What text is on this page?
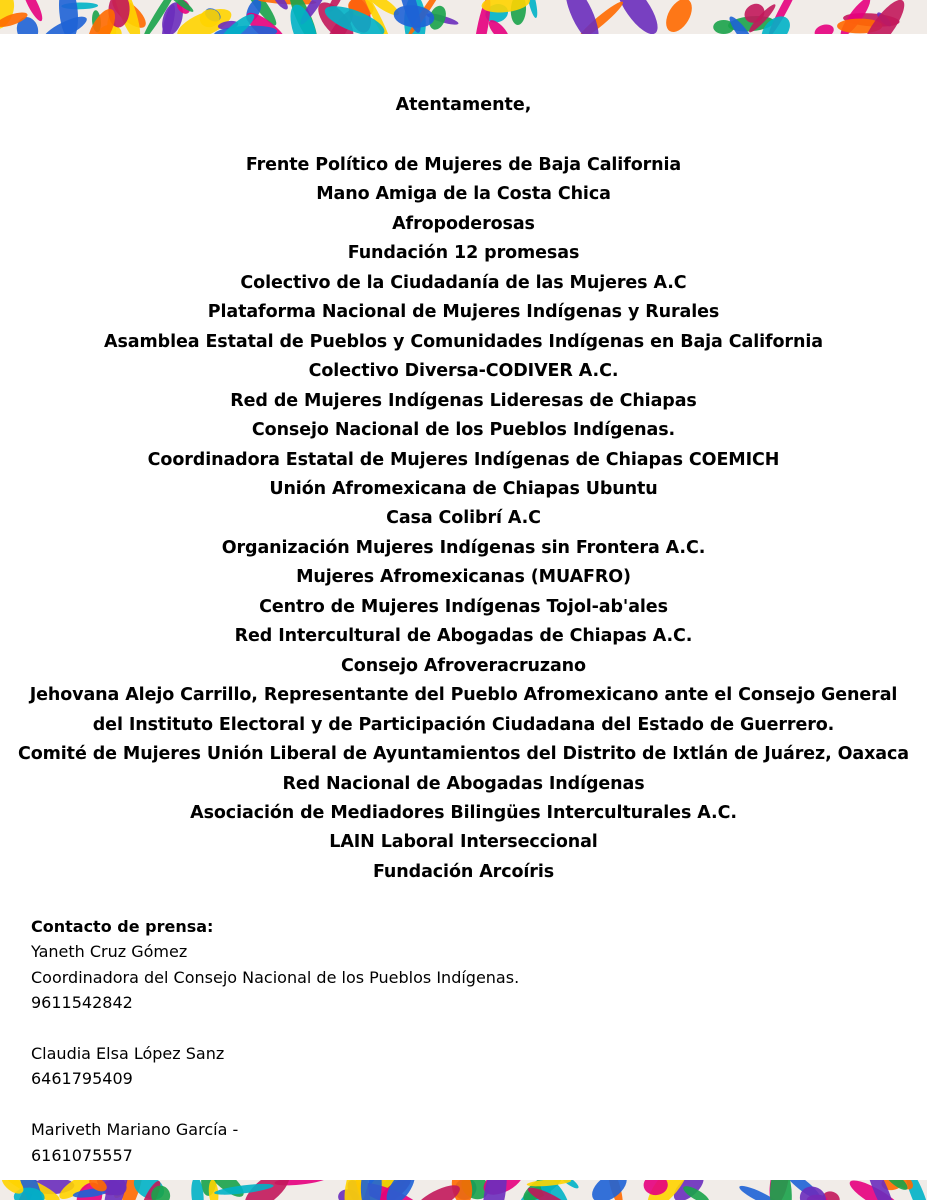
Atentamente,
Frente Político de Mujeres de Baja California
Mano Amiga de la Costa Chica
Afropoderosas
Fundación 12 promesas
Colectivo de la Ciudadanía de las Mujeres A.C
Plataforma Nacional de Mujeres Indígenas y Rurales
Asamblea Estatal de Pueblos y Comunidades Indígenas en Baja California
Colectivo Diversa-CODIVER A.C.
Red de Mujeres Indígenas Lideresas de Chiapas
Consejo Nacional de los Pueblos Indígenas.
Coordinadora Estatal de Mujeres Indígenas de Chiapas COEMICH
Unión Afromexicana de Chiapas Ubuntu
Casa Colibrí A.C
Organización Mujeres Indígenas sin Frontera A.C.
Mujeres Afromexicanas (MUAFRO)
Centro de Mujeres Indígenas Tojol-ab'ales
Red Intercultural de Abogadas de Chiapas A.C.
Consejo Afroveracruzano
Jehovana Alejo Carrillo, Representante del Pueblo Afromexicano ante el Consejo General
del Instituto Electoral y de Participación Ciudadana del Estado de Guerrero.
Comité de Mujeres Unión Liberal de Ayuntamientos del Distrito de Ixtlán de Juárez, Oaxaca
Red Nacional de Abogadas Indígenas
Asociación de Mediadores Bilingües Interculturales A.C.
LAIN Laboral Interseccional
Fundación Arcoíris
Contacto de prensa:
Yaneth Cruz Gómez
Coordinadora del Consejo Nacional de los Pueblos Indígenas.
9611542842
Claudia Elsa López Sanz
6461795409
Mariveth Mariano García -
6161075557
